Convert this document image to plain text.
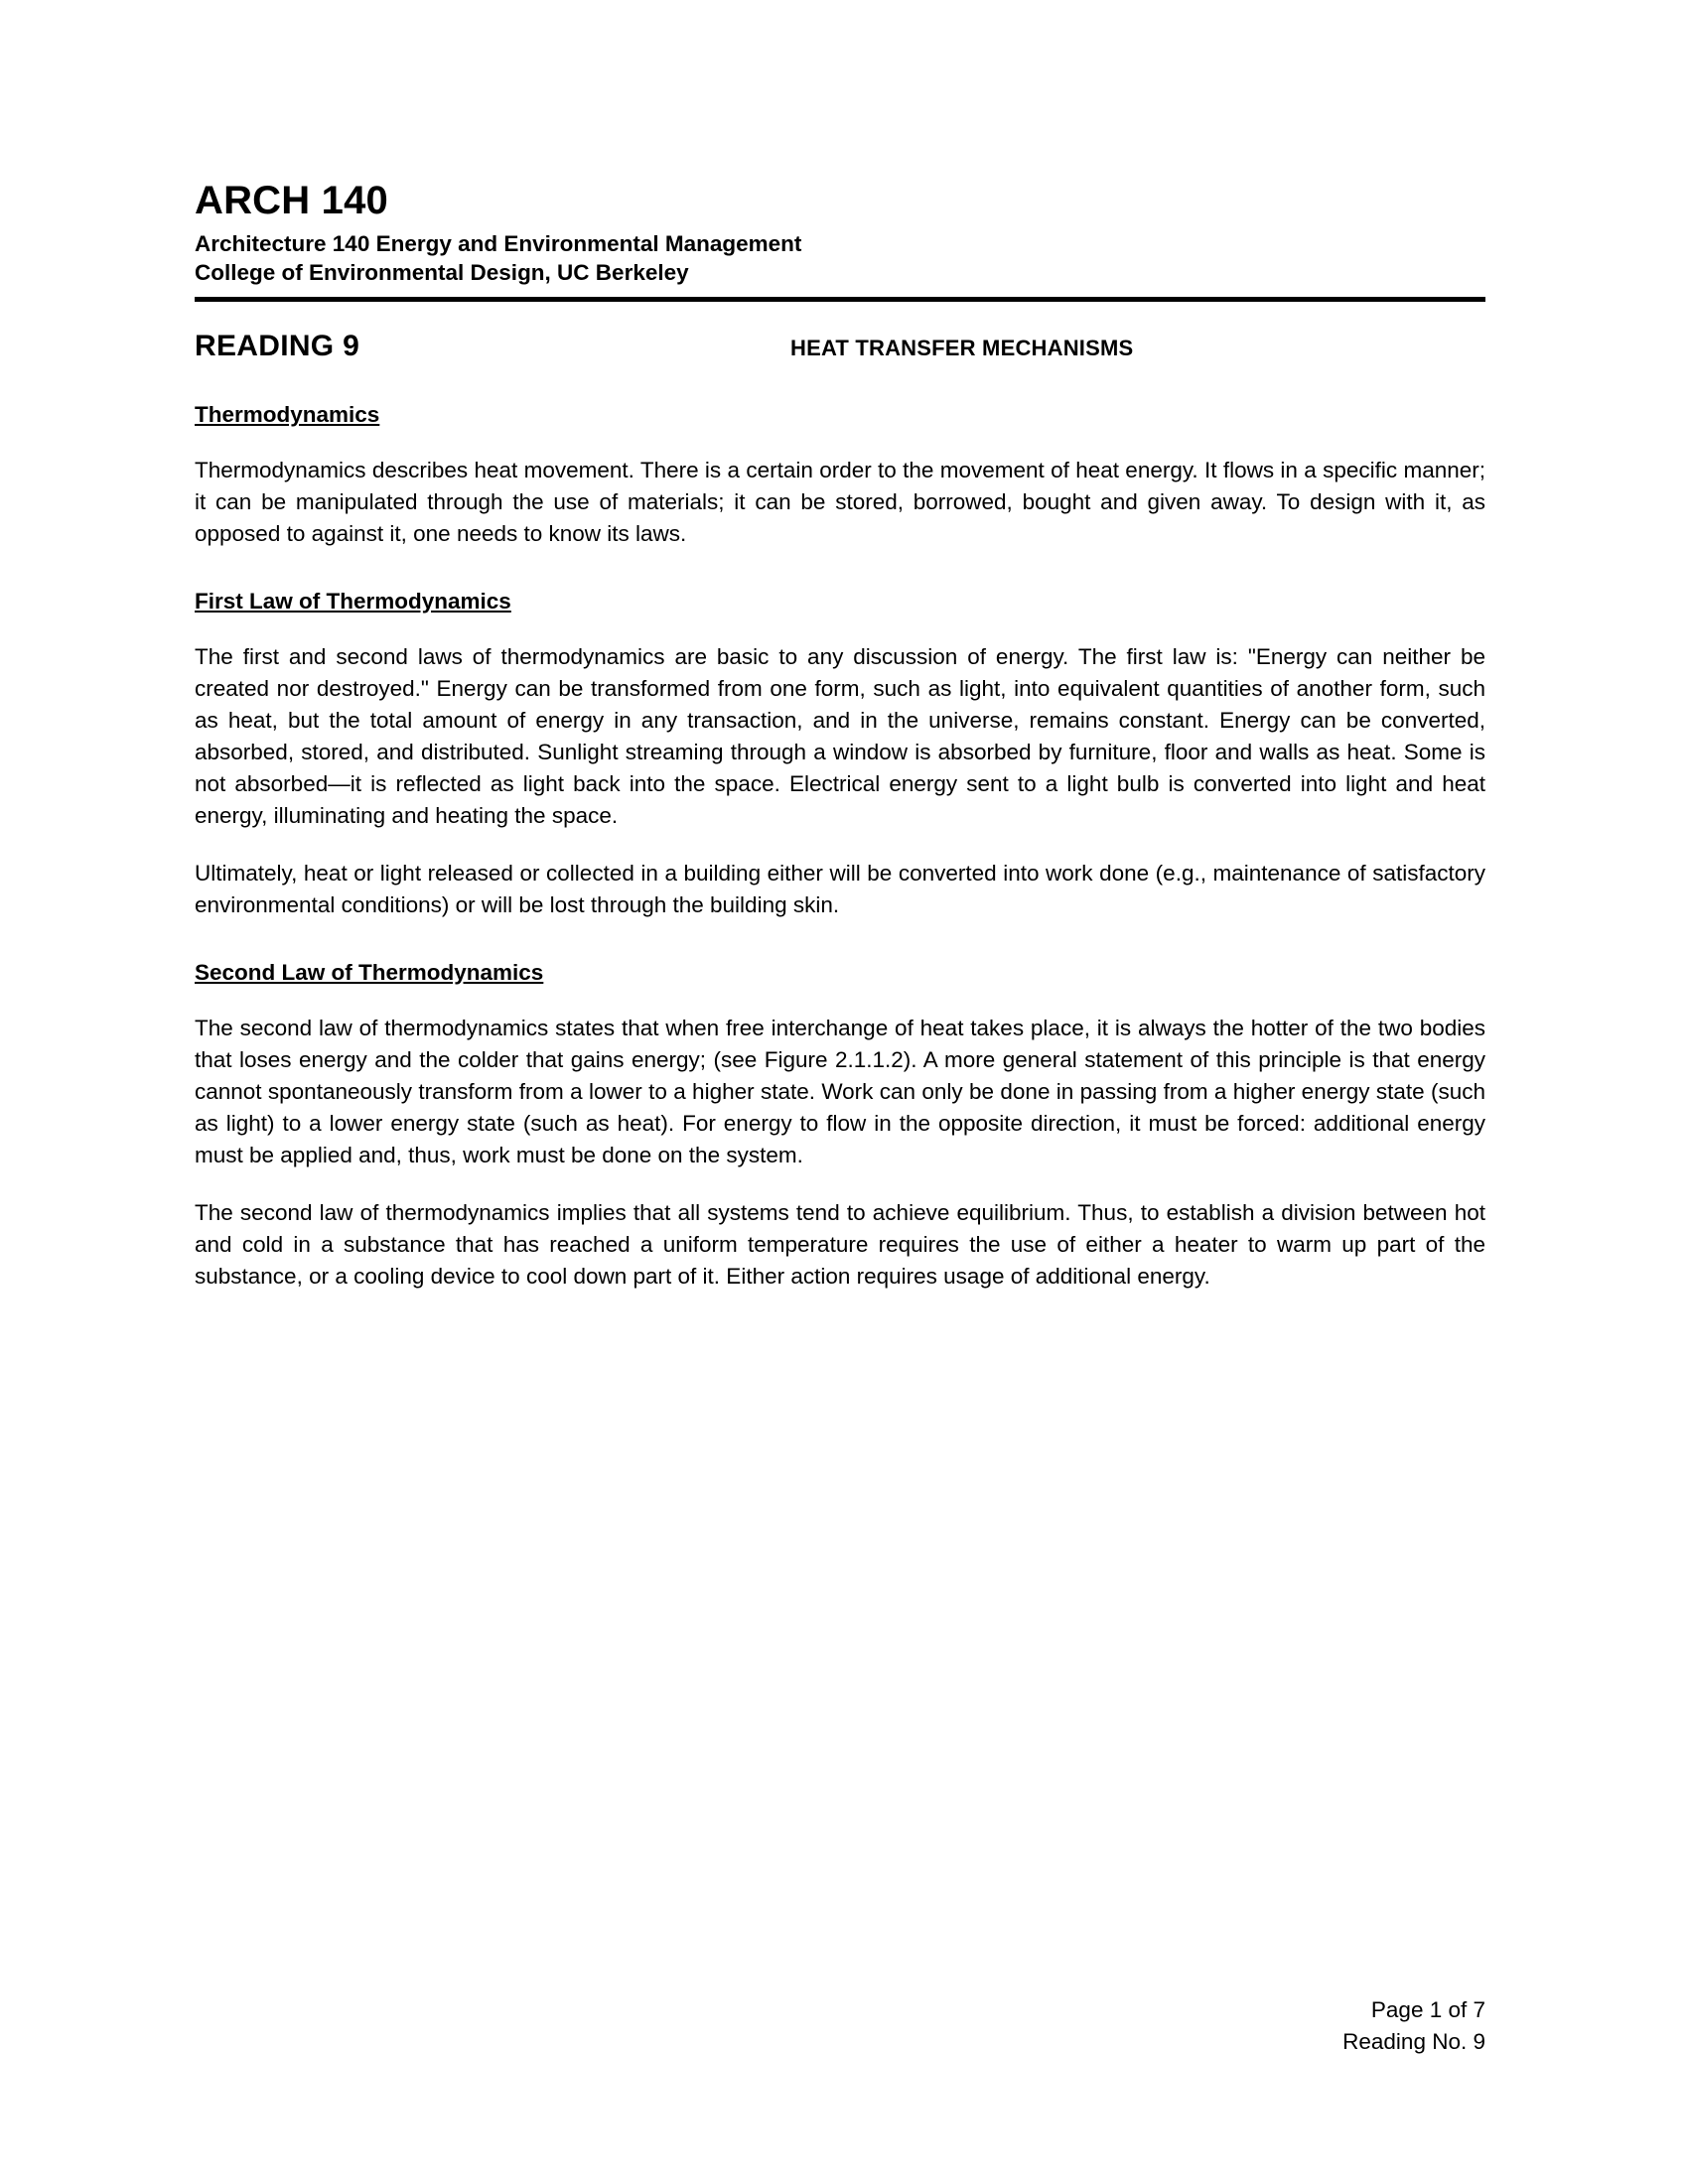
ARCH 140
Architecture 140 Energy and Environmental Management
College of Environmental Design, UC Berkeley
READING 9	HEAT TRANSFER MECHANISMS
Thermodynamics

Thermodynamics describes heat movement. There is a certain order to the movement of heat energy. It flows in a specific manner; it can be manipulated through the use of materials; it can be stored, borrowed, bought and given away. To design with it, as opposed to against it, one needs to know its laws.

First Law of Thermodynamics

The first and second laws of thermodynamics are basic to any discussion of energy. The first law is: "Energy can neither be created nor destroyed." Energy can be transformed from one form, such as light, into equivalent quantities of another form, such as heat, but the total amount of energy in any transaction, and in the universe, remains constant. Energy can be converted, absorbed, stored, and distributed. Sunlight streaming through a window is absorbed by furniture, floor and walls as heat. Some is not absorbed—it is reflected as light back into the space. Electrical energy sent to a light bulb is converted into light and heat energy, illuminating and heating the space.

Ultimately, heat or light released or collected in a building either will be converted into work done (e.g., maintenance of satisfactory environmental conditions) or will be lost through the building skin.

Second Law of Thermodynamics

The second law of thermodynamics states that when free interchange of heat takes place, it is always the hotter of the two bodies that loses energy and the colder that gains energy; (see Figure 2.1.1.2). A more general statement of this principle is that energy cannot spontaneously transform from a lower to a higher state. Work can only be done in passing from a higher energy state (such as light) to a lower energy state (such as heat). For energy to flow in the opposite direction, it must be forced: additional energy must be applied and, thus, work must be done on the system.

The second law of thermodynamics implies that all systems tend to achieve equilibrium. Thus, to establish a division between hot and cold in a substance that has reached a uniform temperature requires the use of either a heater to warm up part of the substance, or a cooling device to cool down part of it. Either action requires usage of additional energy.

Page 1 of 7
Reading No. 9
